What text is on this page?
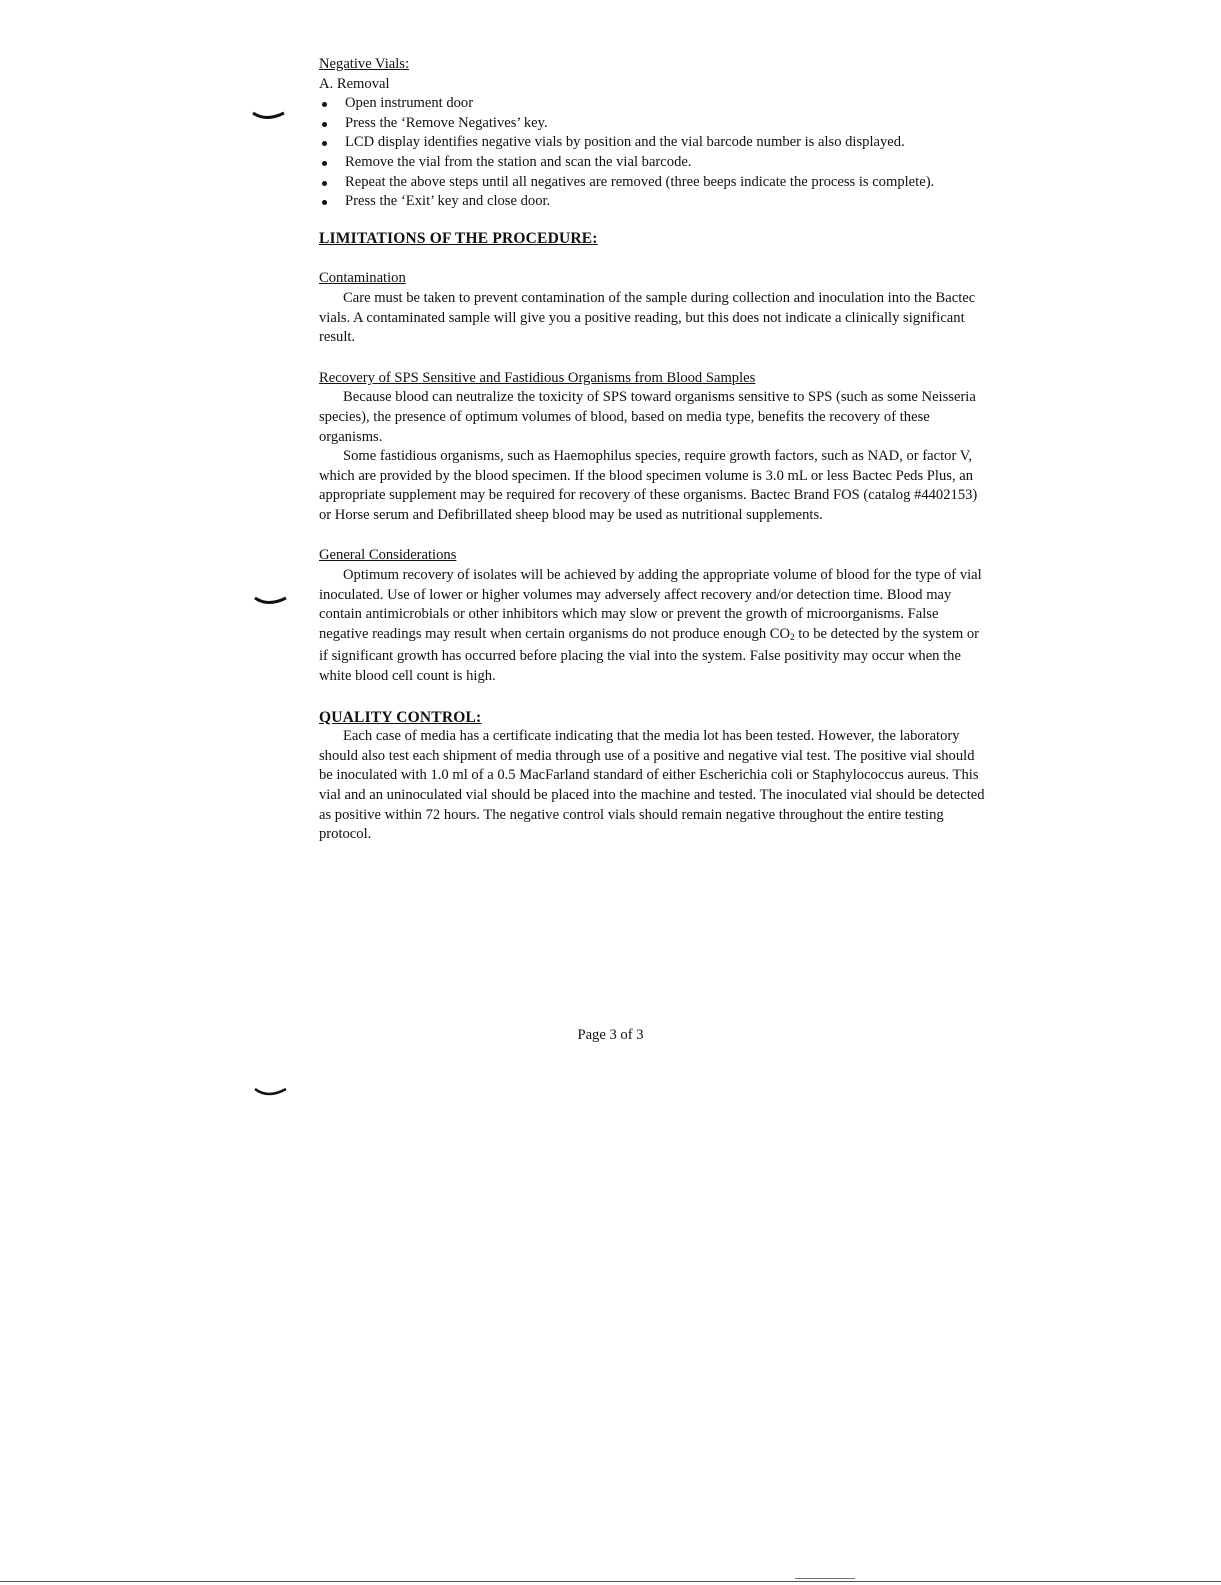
Negative Vials:
A. Removal
Open instrument door
Press the ‘Remove Negatives’ key.
LCD display identifies negative vials by position and the vial barcode number is also displayed.
Remove the vial from the station and scan the vial barcode.
Repeat the above steps until all negatives are removed (three beeps indicate the process is complete).
Press the ‘Exit’ key and close door.
LIMITATIONS OF THE PROCEDURE:
Contamination

Care must be taken to prevent contamination of the sample during collection and inoculation into the Bactec vials. A contaminated sample will give you a positive reading, but this does not indicate a clinically significant result.

Recovery of SPS Sensitive and Fastidious Organisms from Blood Samples

Because blood can neutralize the toxicity of SPS toward organisms sensitive to SPS (such as some Neisseria species), the presence of optimum volumes of blood, based on media type, benefits the recovery of these organisms.

Some fastidious organisms, such as Haemophilus species, require growth factors, such as NAD, or factor V, which are provided by the blood specimen. If the blood specimen volume is 3.0 mL or less Bactec Peds Plus, an appropriate supplement may be required for recovery of these organisms. Bactec Brand FOS (catalog #4402153) or Horse serum and Defibrillated sheep blood may be used as nutritional supplements.

General Considerations

Optimum recovery of isolates will be achieved by adding the appropriate volume of blood for the type of vial inoculated. Use of lower or higher volumes may adversely affect recovery and/or detection time. Blood may contain antimicrobials or other inhibitors which may slow or prevent the growth of microorganisms. False negative readings may result when certain organisms do not produce enough $CO_2$ to be detected by the system or if significant growth has occurred before placing the vial into the system. False positivity may occur when the white blood cell count is high.

QUALITY CONTROL:

Each case of media has a certificate indicating that the media lot has been tested. However, the laboratory should also test each shipment of media through use of a positive and negative vial test. The positive vial should be inoculated with 1.0 ml of a 0.5 MacFarland standard of either Escherichia coli or Staphylococcus aureus. This vial and an uninoculated vial should be placed into the machine and tested. The inoculated vial should be detected as positive within 72 hours. The negative control vials should remain negative throughout the entire testing protocol.

Page 3 of 3
